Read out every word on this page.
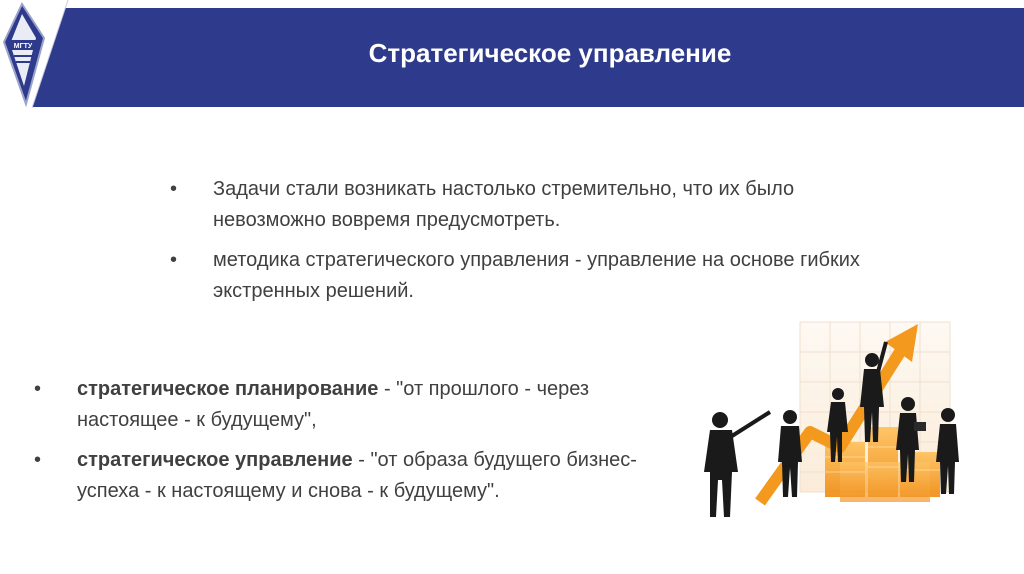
МГТУ	Стратегическое управление
•	Задачи стали возникать настолько стремительно, что их было невозможно вовремя предусмотреть.
•	методика стратегического управления - управление на основе гибких экстренных решений.
•	стратегическое планирование - "от прошлого - через настоящее - к будущему",
•	стратегическое управление - "от образа будущего бизнес-успеха - к настоящему и снова - к будущему".
